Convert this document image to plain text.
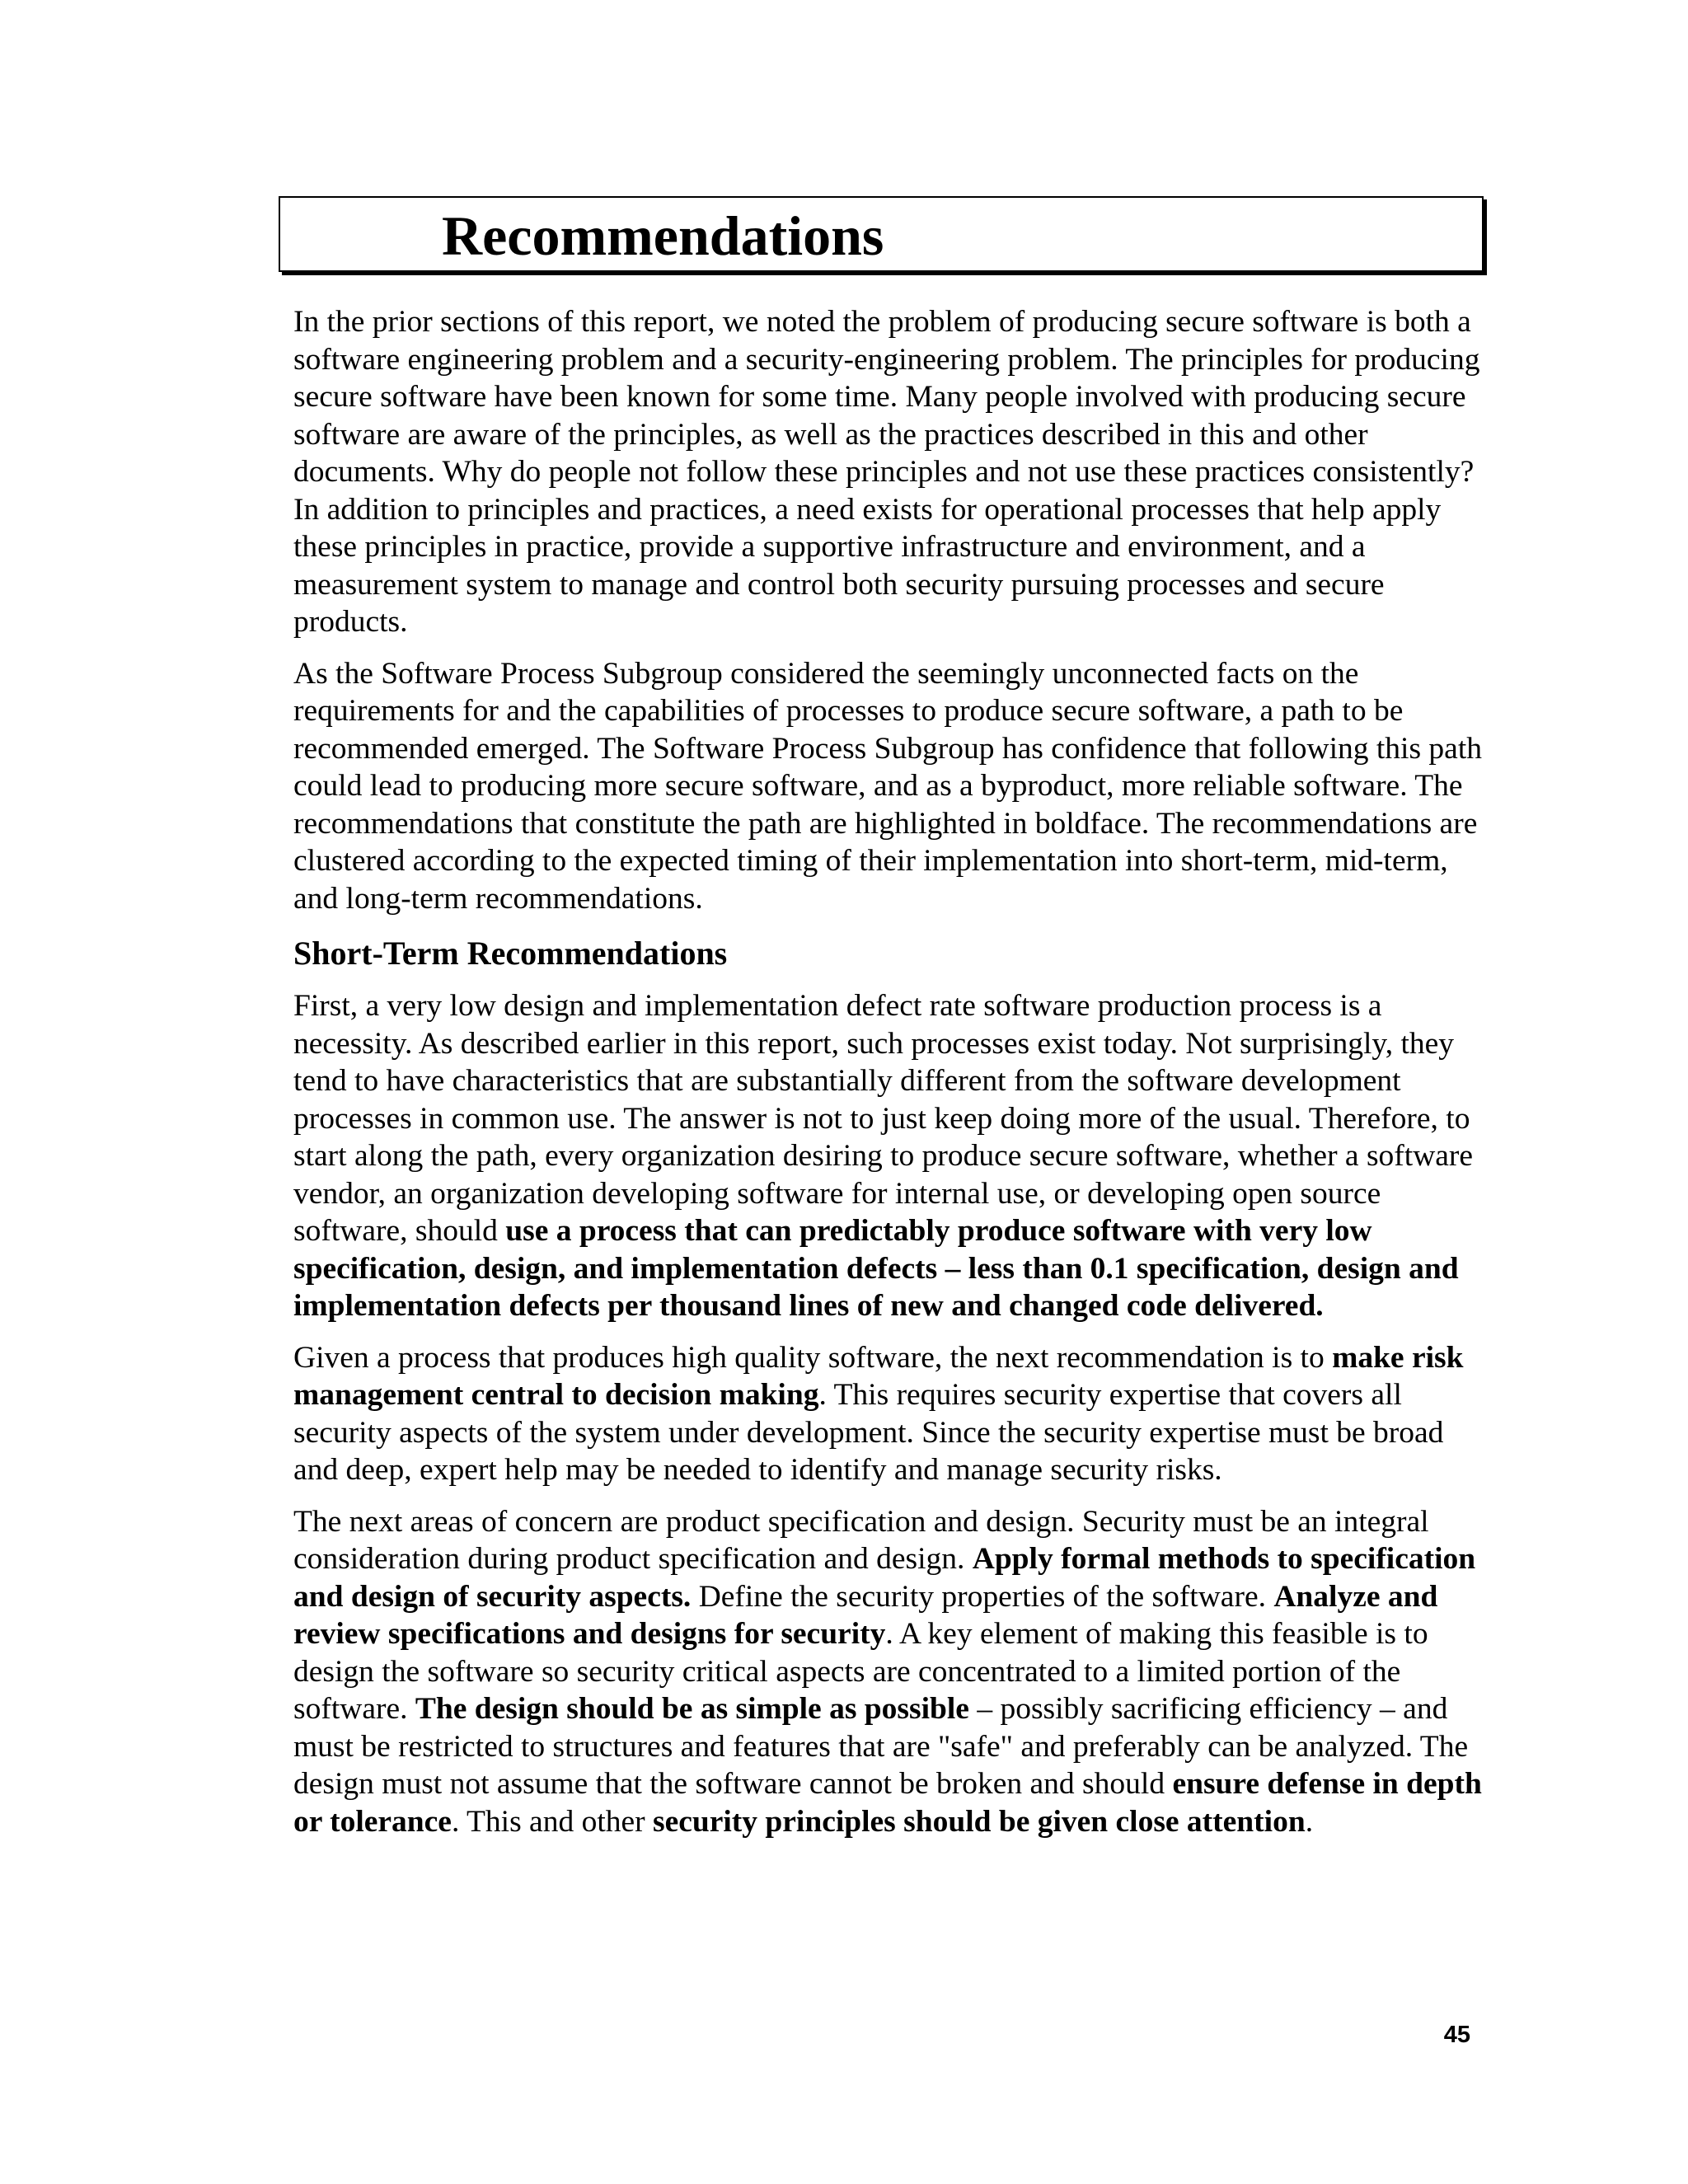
Recommendations

In the prior sections of this report, we noted the problem of producing secure software is both a software engineering problem and a security-engineering problem. The principles for producing secure software have been known for some time. Many people involved with producing secure software are aware of the principles, as well as the practices described in this and other documents. Why do people not follow these principles and not use these practices consistently? In addition to principles and practices, a need exists for operational processes that help apply these principles in practice, provide a supportive infrastructure and environment, and a measurement system to manage and control both security pursuing processes and secure products.

As the Software Process Subgroup considered the seemingly unconnected facts on the requirements for and the capabilities of processes to produce secure software, a path to be recommended emerged. The Software Process Subgroup has confidence that following this path could lead to producing more secure software, and as a byproduct, more reliable software. The recommendations that constitute the path are highlighted in boldface. The recommendations are clustered according to the expected timing of their implementation into short-term, mid-term, and long-term recommendations.

Short-Term Recommendations

First, a very low design and implementation defect rate software production process is a necessity. As described earlier in this report, such processes exist today. Not surprisingly, they tend to have characteristics that are substantially different from the software development processes in common use. The answer is not to just keep doing more of the usual. Therefore, to start along the path, every organization desiring to produce secure software, whether a software vendor, an organization developing software for internal use, or developing open source software, should use a process that can predictably produce software with very low specification, design, and implementation defects – less than 0.1 specification, design and implementation defects per thousand lines of new and changed code delivered.

Given a process that produces high quality software, the next recommendation is to make risk management central to decision making. This requires security expertise that covers all security aspects of the system under development. Since the security expertise must be broad and deep, expert help may be needed to identify and manage security risks.

The next areas of concern are product specification and design. Security must be an integral consideration during product specification and design. Apply formal methods to specification and design of security aspects. Define the security properties of the software. Analyze and review specifications and designs for security. A key element of making this feasible is to design the software so security critical aspects are concentrated to a limited portion of the software. The design should be as simple as possible – possibly sacrificing efficiency – and must be restricted to structures and features that are "safe" and preferably can be analyzed. The design must not assume that the software cannot be broken and should ensure defense in depth or tolerance. This and other security principles should be given close attention.

45
